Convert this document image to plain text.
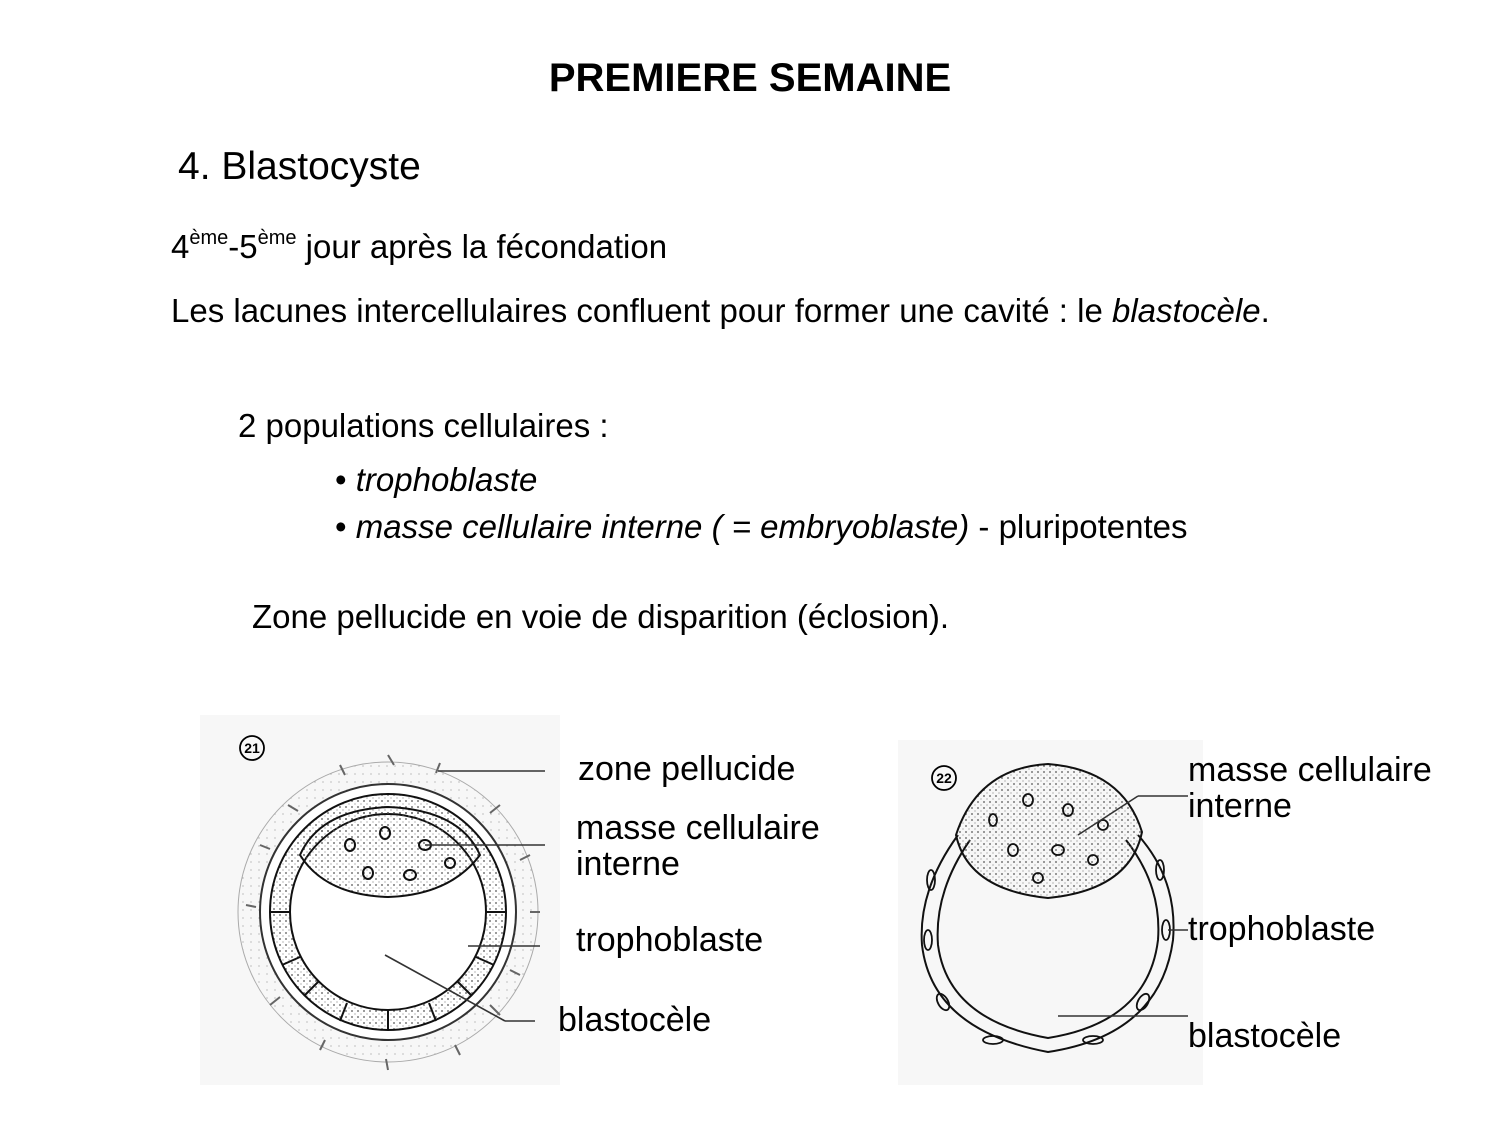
PREMIERE SEMAINE
4. Blastocyste
4ème-5ème jour après la fécondation
Les lacunes intercellulaires confluent pour former une cavité : le blastocèle.
2 populations cellulaires :
• trophoblaste
• masse cellulaire interne ( = embryoblaste) - pluripotentes
Zone pellucide en voie de disparition (éclosion).
21
zone pellucide
masse cellulaire
interne
trophoblaste
blastocèle
22	masse cellulaire
interne
trophoblaste
blastocèle
